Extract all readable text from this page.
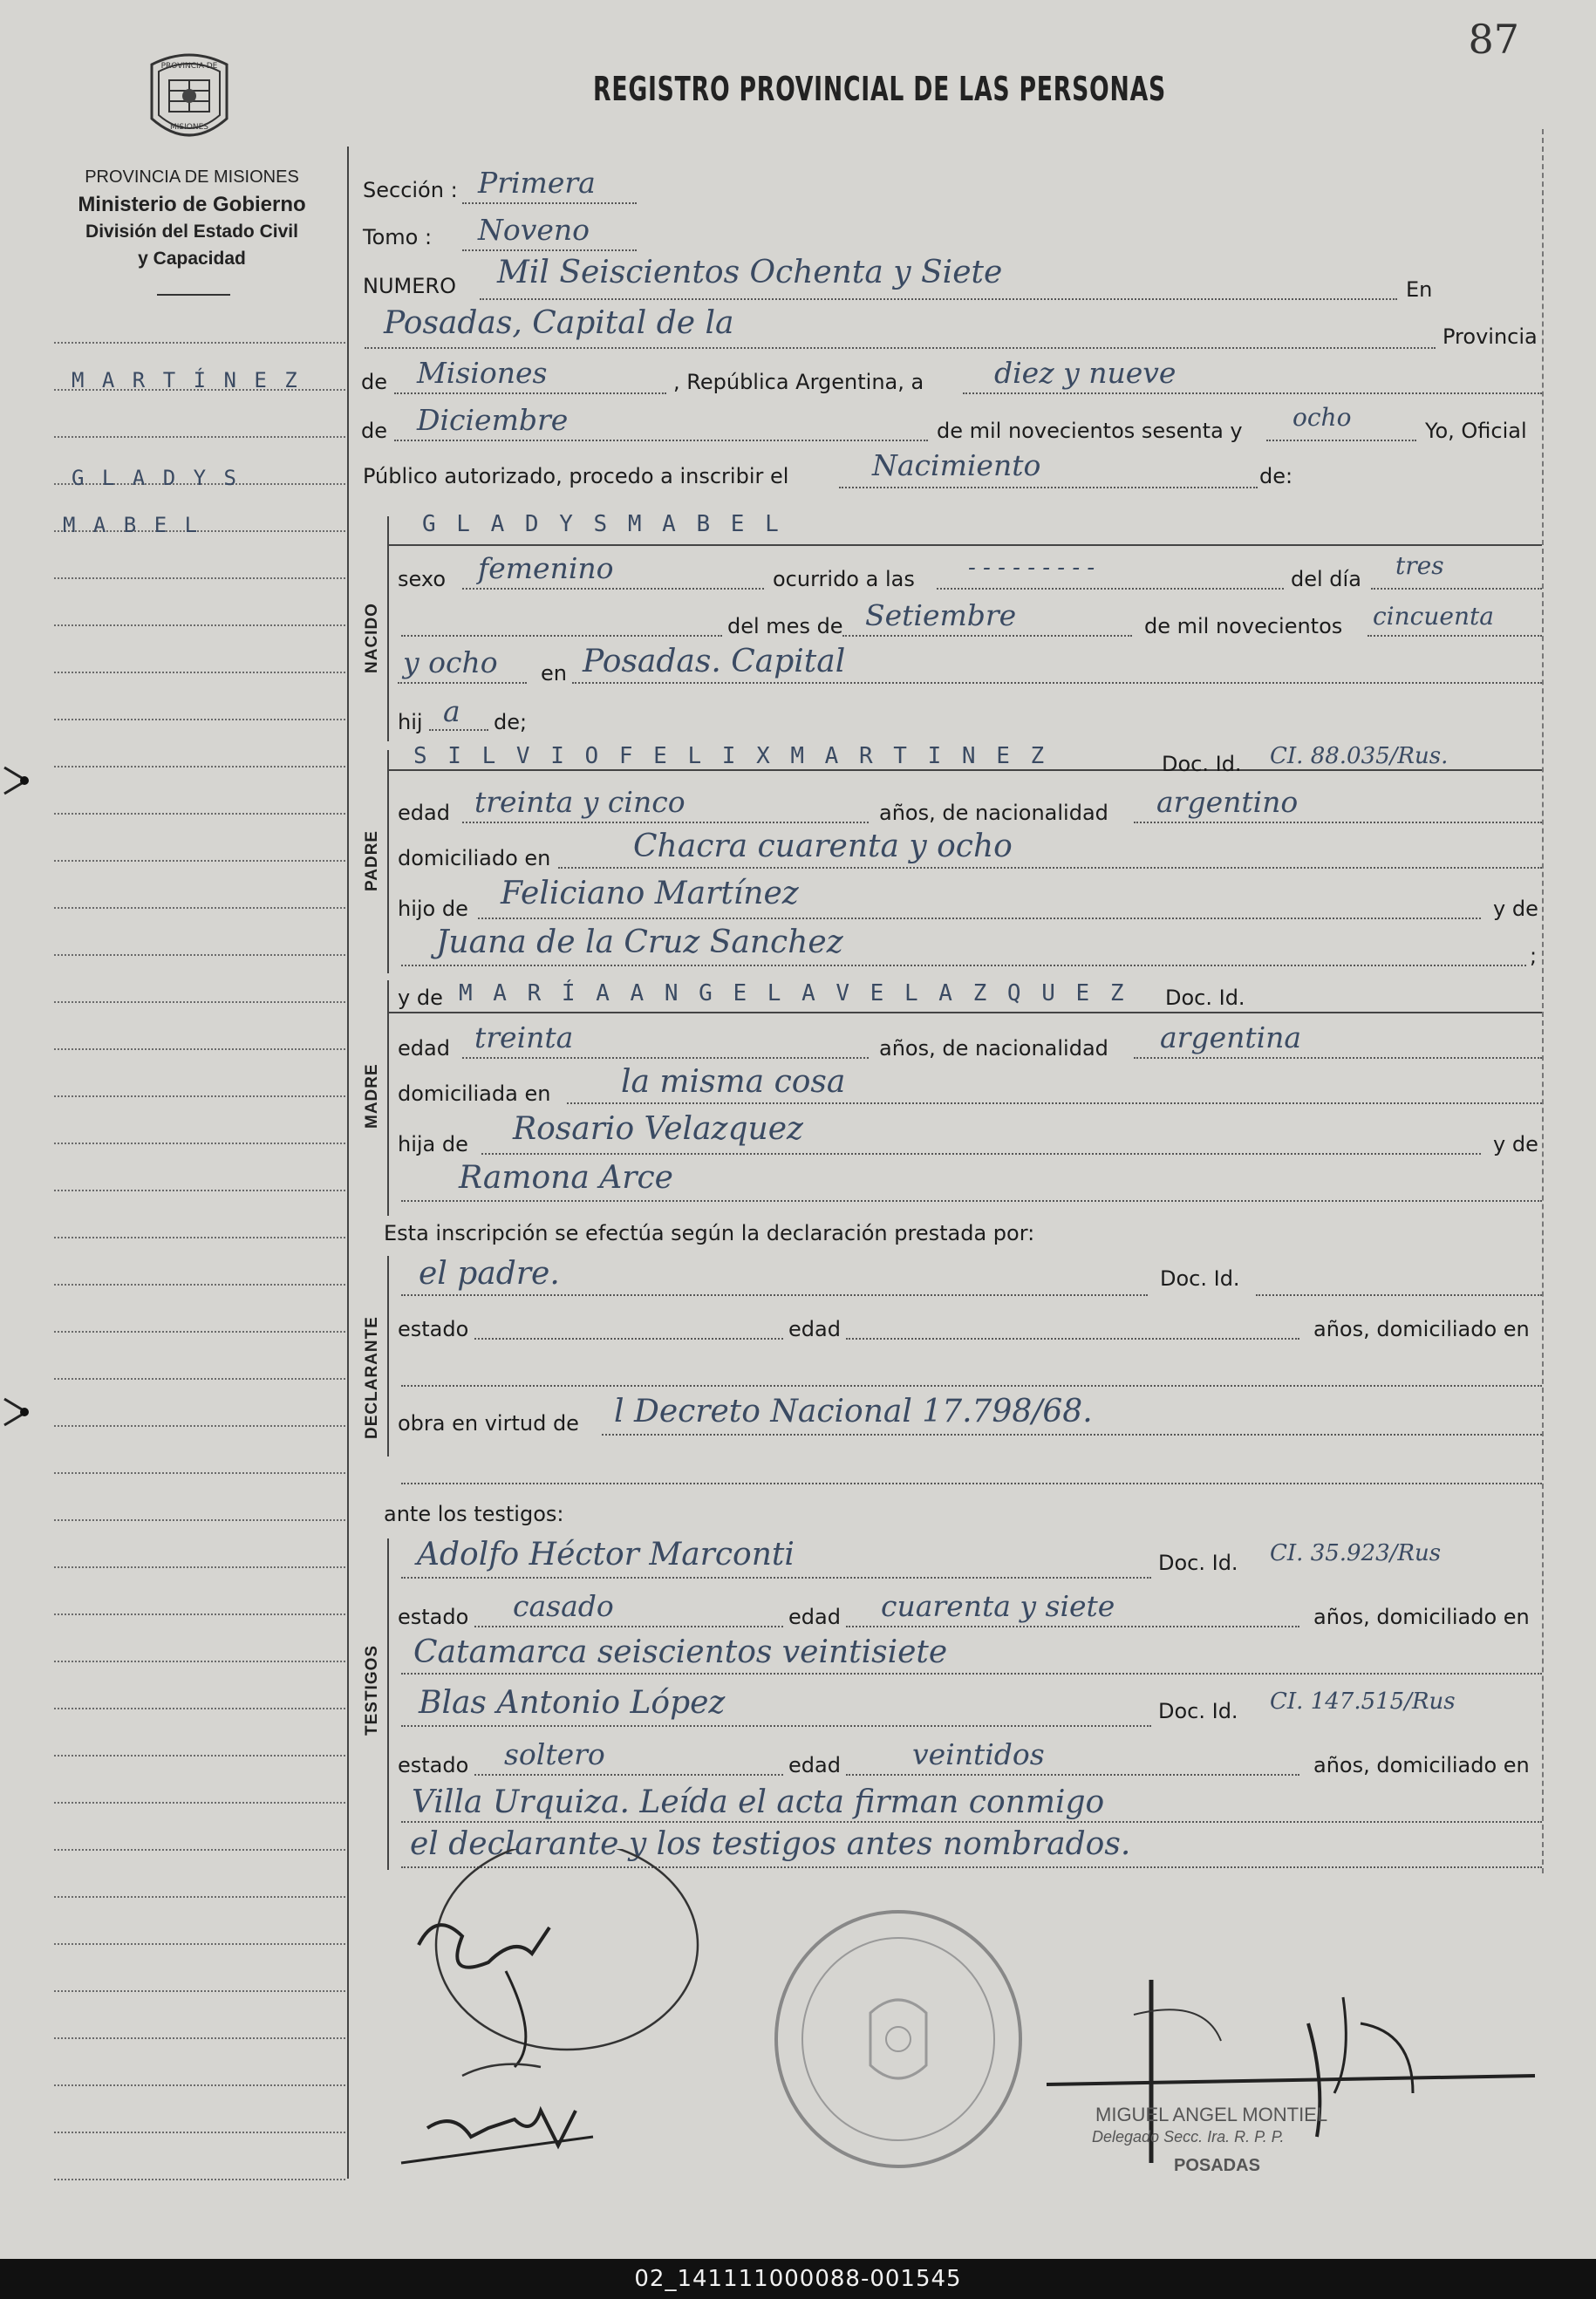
87
PROVINCIA DE
MISIONES
REGISTRO PROVINCIAL DE LAS PERSONAS
PROVINCIA DE MISIONES
Ministerio de Gobierno
División del Estado Civil
y Capacidad
M A R T Í N E Z
G L A D Y S
M A B E L
Sección : Primera
Tomo : Noveno
NUMERO Mil Seiscientos Ochenta y Siete	En
Posadas, Capital de la	Provincia
de Misiones	, República Argentina, a diez y nueve
de Diciembre	de mil novecientos sesenta y ocho	Yo, Oficial
Público autorizado, procedo a inscribir el	Nacimiento	de:
NACIDO
G L A D Y S M A B E L
sexo femenino	ocurrido a las - - - - - - - - -	del día tres
del mes de Setiembre	de mil novecientos cincuenta
y ocho en Posadas. Capital
hij a de;
PADRE
S I L V I O F E L I X M A R T I N E Z	Doc. Id. CI. 88.035/Rus.
edad treinta y cinco	años, de nacionalidad argentino
domiciliado en	Chacra cuarenta y ocho
hijo de Feliciano Martínez	y de
Juana de la Cruz Sanchez	;
MADRE
y de M A R Í A A N G E L A V E L A Z Q U E Z Doc. Id.
edad treinta	años, de nacionalidad argentina
domiciliada en la misma cosa
hija de Rosario Velazquez	y de
Ramona Arce
Esta inscripción se efectúa según la declaración prestada por:
DECLARANTE
el padre.	Doc. Id.
estado	edad	años, domiciliado en
obra en virtud de l Decreto Nacional 17.798/68.
ante los testigos:
TESTIGOS
Adolfo Héctor Marconti	Doc. Id. CI. 35.923/Rus
estado casado	edad cuarenta y siete	años, domiciliado en
Catamarca seiscientos veintisiete
Blas Antonio López	Doc. Id. CI. 147.515/Rus
estado soltero	edad veintidos	años, domiciliado en
Villa Urquiza. Leída el acta firman conmigo
el declarante y los testigos antes nombrados.
MIGUEL ANGEL MONTIEL
Delegado Secc. Ira. R. P. P.
POSADAS
02_141111000088-001545
